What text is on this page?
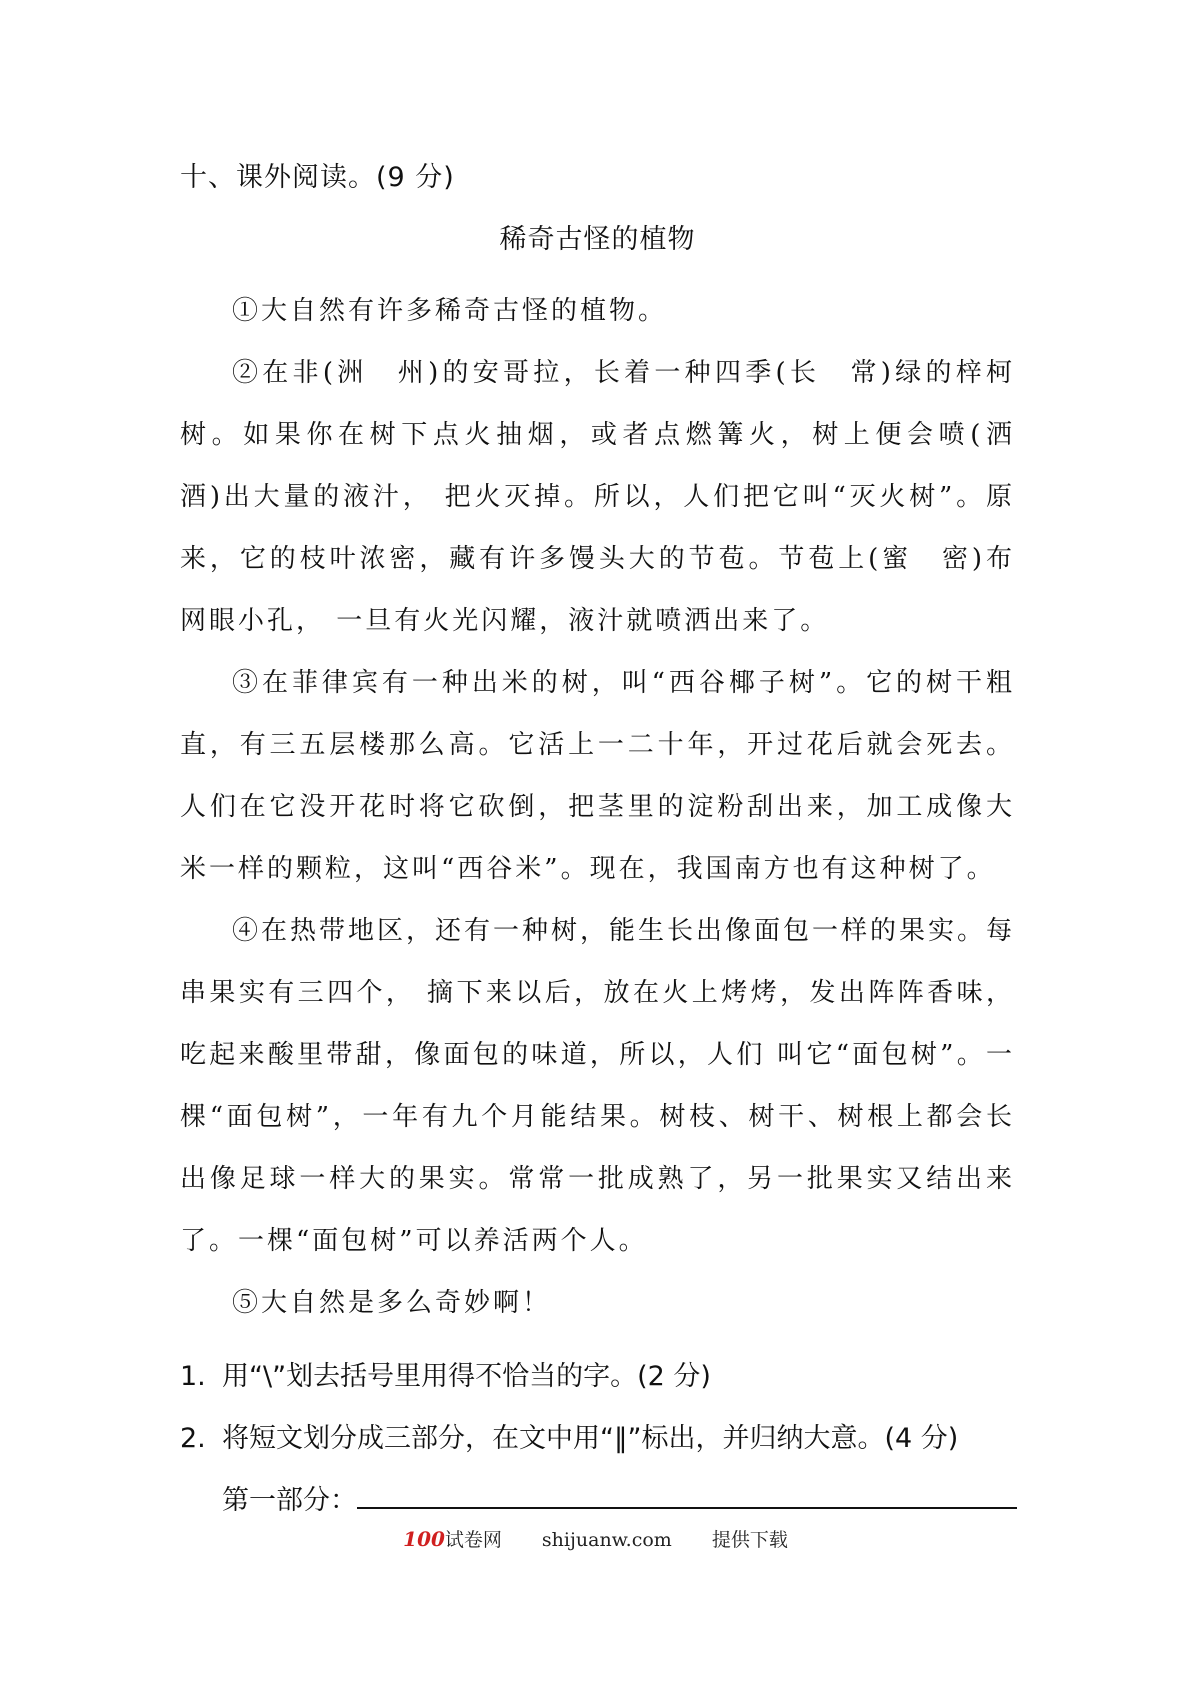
十、课外阅读。(9 分)
稀奇古怪的植物

①大自然有许多稀奇古怪的植物。

②在非(洲　州)的安哥拉，长着一种四季(长　常)绿的梓柯树。如果你在树下点火抽烟，或者点燃篝火，树上便会喷(洒　酒)出大量的液汁， 把火灭掉。所以，人们把它叫“灭火树”。原来，它的枝叶浓密，藏有许多馒头大的节苞。节苞上(蜜　密)布网眼小孔， 一旦有火光闪耀，液汁就喷洒出来了。

③在菲律宾有一种出米的树，叫“西谷椰子树”。它的树干粗直，有三五层楼那么高。它活上一二十年，开过花后就会死去。人们在它没开花时将它砍倒，把茎里的淀粉刮出来，加工成像大米一样的颗粒，这叫“西谷米”。现在，我国南方也有这种树了。

④在热带地区，还有一种树，能生长出像面包一样的果实。每串果实有三四个， 摘下来以后，放在火上烤烤，发出阵阵香味，吃起来酸里带甜，像面包的味道，所以，人们 叫它“面包树”。一棵“面包树”，一年有九个月能结果。树枝、树干、树根上都会长出像足球一样大的果实。常常一批成熟了，另一批果实又结出来了。一棵“面包树”可以养活两个人。

⑤大自然是多么奇妙啊！

1. 用“\”划去括号里用得不恰当的字。(2 分)

2. 将短文划分成三部分，在文中用“‖”标出，并归纳大意。(4 分)

第一部分：

100试卷网 shijuanw.com 提供下载
